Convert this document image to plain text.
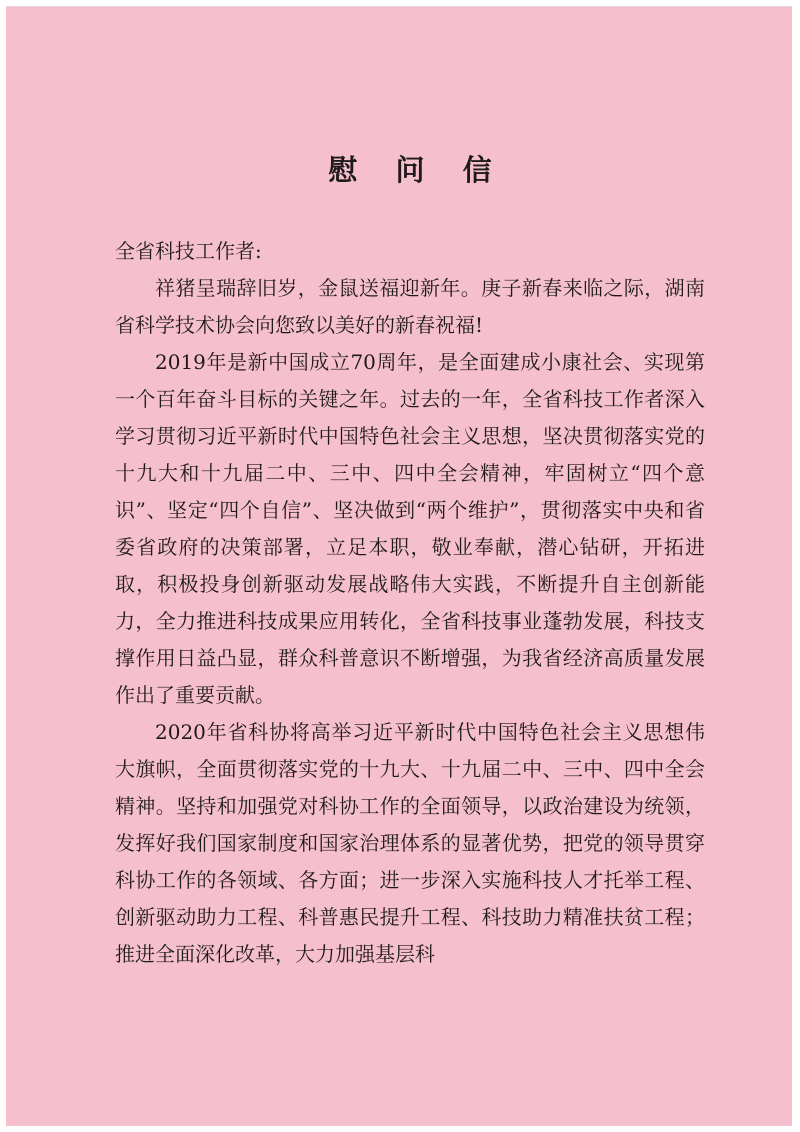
慰 问 信

全省科技工作者:

祥猪呈瑞辞旧岁，金鼠送福迎新年。庚子新春来临之际，湖南省科学技术协会向您致以美好的新春祝福!

2019年是新中国成立70周年，是全面建成小康社会、实现第一个百年奋斗目标的关键之年。过去的一年，全省科技工作者深入学习贯彻习近平新时代中国特色社会主义思想，坚决贯彻落实党的十九大和十九届二中、三中、四中全会精神，牢固树立“四个意识”、坚定“四个自信”、坚决做到“两个维护”，贯彻落实中央和省委省政府的决策部署，立足本职，敬业奉献，潜心钻研，开拓进取，积极投身创新驱动发展战略伟大实践，不断提升自主创新能力，全力推进科技成果应用转化，全省科技事业蓬勃发展，科技支撑作用日益凸显，群众科普意识不断增强，为我省经济高质量发展作出了重要贡献。

2020年省科协将高举习近平新时代中国特色社会主义思想伟大旗帜，全面贯彻落实党的十九大、十九届二中、三中、四中全会精神。坚持和加强党对科协工作的全面领导，以政治建设为统领，发挥好我们国家制度和国家治理体系的显著优势，把党的领导贯穿科协工作的各领域、各方面；进一步深入实施科技人才托举工程、创新驱动助力工程、科普惠民提升工程、科技助力精准扶贫工程；推进全面深化改革，大力加强基层科
